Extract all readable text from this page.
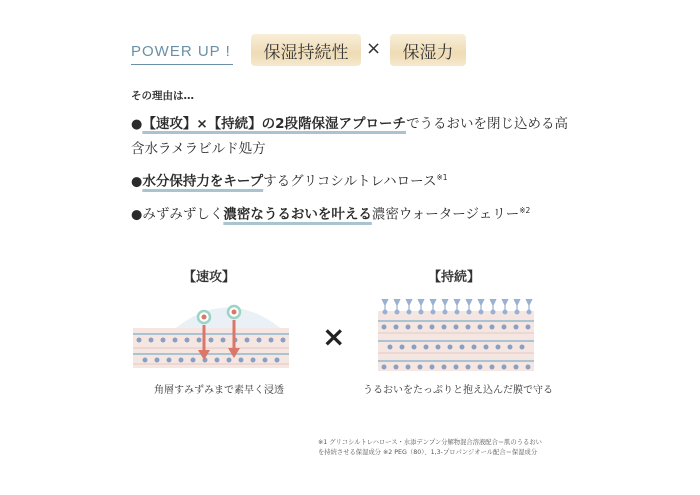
POWER UP ! 保湿持続性 × 保湿力
その理由は…
●【速攻】×【持続】の2段階保湿アプローチでうるおいを閉じ込める高含水ラメラビルド処方
●水分保持力をキープするグリコシルトレハロース$^{※1}$
●みずみずしく濃密なうるおいを叶える濃密ウォータージェリー$^{※2}$
【速攻】
角層すみずみまで素早く浸透
×
【持続】
うるおいをたっぷりと抱え込んだ膜で守る
※1 グリコシルトレハロース・水添デンプン分解物混合溶液配合＝肌のうるおい
を持続させる保湿成分 ※2 PEG（80）、1,3-プロパンジオール配合＝保湿成分
